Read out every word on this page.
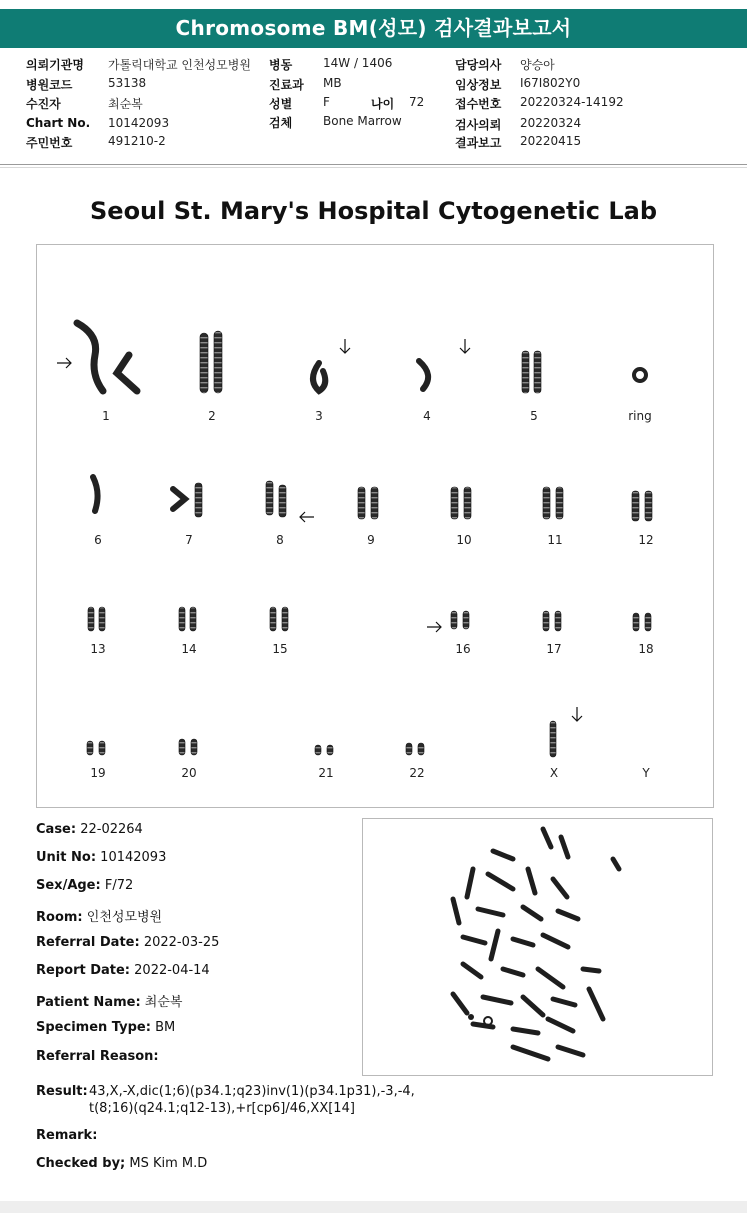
Chromosome BM(성모) 검사결과보고서
의뢰기관명 가톨릭대학교 인천성모병원
병원코드	53138
수진자	최순복
Chart No. 10142093
주민번호	491210-2
병동	14W / 1406
진료과 MB
성별	F	나이 72
검체	Bone Marrow
담당의사 양승아
임상정보 I67I802Y0
접수번호 20220324-14192
검사의뢰 20220324
결과보고 20220415
Seoul St. Mary's Hospital Cytogenetic Lab
1	2	3	4	5	ring
6	7	8	9	10	11	12
13	14	15	16	17	18
19	20	21	22	X	Y
Case: 22-02264
Unit No: 10142093
Sex/Age: F/72
Room: 인천성모병원
Referral Date: 2022-03-25
Report Date: 2022-04-14
Patient Name: 최순복
Specimen Type: BM
Referral Reason:
Result: 43,X,-X,dic(1;6)(p34.1;q23)inv(1)(p34.1p31),-3,-4,
t(8;16)(q24.1;q12-13),+r[cp6]/46,XX[14]
Remark:
Checked by; MS Kim M.D
